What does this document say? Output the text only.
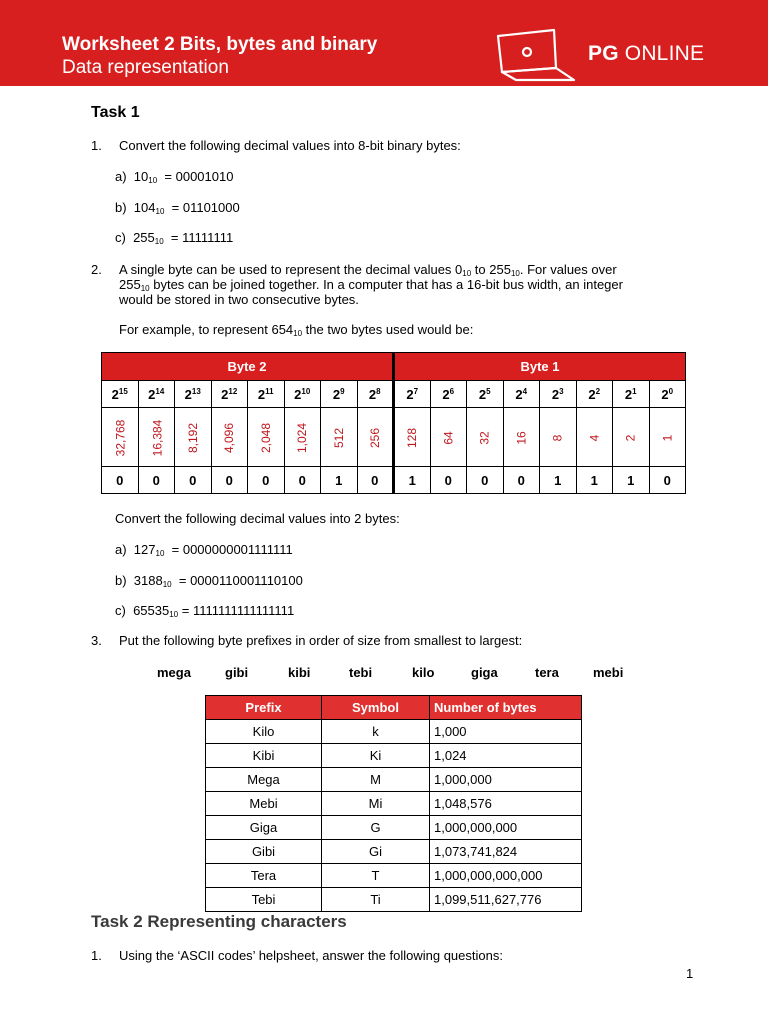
Worksheet 2 Bits, bytes and binary
Data representation
PG ONLINE
Task 1
1. Convert the following decimal values into 8-bit binary bytes:
a) $10_{10} = 00001010$
b) $104_{10} = 01101000$
c) $255_{10} = 11111111$
2. A single byte can be used to represent the decimal values $0_{10}$ to $255_{10}$. For values over
$255_{10}$ bytes can be joined together. In a computer that has a 16-bit bus width, an integer
would be stored in two consecutive bytes.
For example, to represent $654_{10}$ the two bytes used would be:
Byte 2								Byte 1							
$2^{15}$	$2^{14}$	$2^{13}$	$2^{12}$	$2^{11}$	$2^{10}$	$2^9$	$2^8$	$2^7$	$2^6$	$2^5$	$2^4$	$2^3$	$2^2$	$2^1$	$2^0$
32,768	16,384	8,192	4,096	2,048	1,024	512	256	128	64	32	16	8	4	2	1
0	0	0	0	0	0	1	0	1	0	0	0	1	1	1	0
Convert the following decimal values into 2 bytes:
a) $127_{10} = 0000000001111111$
b) $3188_{10} = 0000110001110100$
c) $65535_{10} = 1111111111111111$
3. Put the following byte prefixes in order of size from smallest to largest:
mega	gibi	kibi	tebi	kilo	giga	tera	mebi
Prefix	Symbol	Number of bytes
Kilo	k	1,000
Kibi	Ki	1,024
Mega	M	1,000,000
Mebi	Mi	1,048,576
Giga	G	1,000,000,000
Gibi	Gi	1,073,741,824
Tera	T	1,000,000,000,000
Tebi	Ti	1,099,511,627,776
Task 2 Representing characters
1. Using the ‘ASCII codes’ helpsheet, answer the following questions:
1
